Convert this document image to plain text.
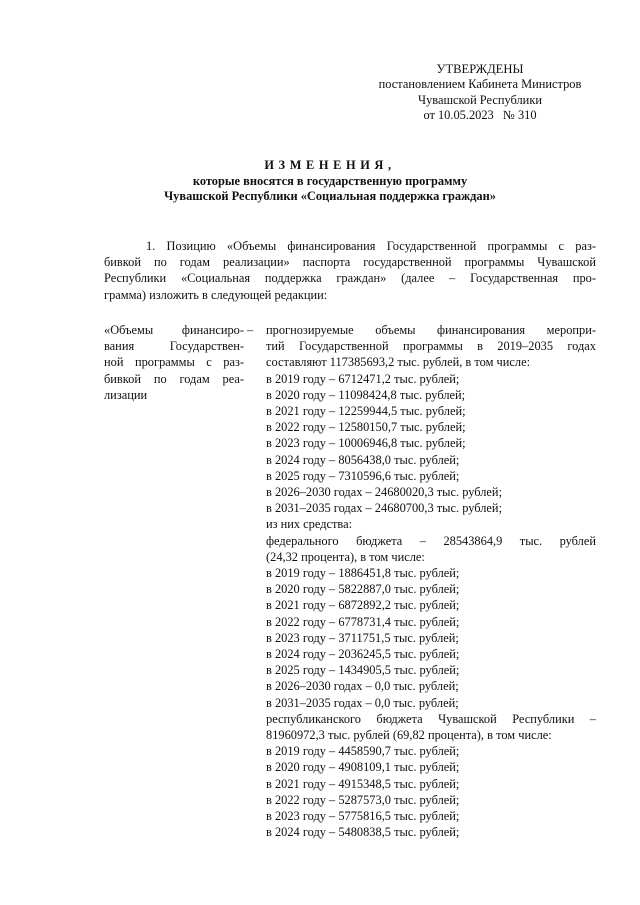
УТВЕРЖДЕНЫ
постановлением Кабинета Министров
Чувашской Республики
от 10.05.2023   № 310
ИЗМЕНЕНИЯ,
которые вносятся в государственную программу
Чувашской Республики «Социальная поддержка граждан»
1. Позицию «Объемы финансирования Государственной программы с раз-
бивкой по годам реализации» паспорта государственной программы Чувашской
Республики «Социальная поддержка граждан» (далее – Государственная про-
грамма) изложить в следующей редакции:
«Объемы финансиро-
вания Государствен-
ной программы с раз-
бивкой по годам реа-
лизации
– прогнозируемые объемы финансирования меропри-
тий Государственной программы в 2019–2035 годах
составляют 117385693,2 тыс. рублей, в том числе:
в 2019 году – 6712471,2 тыс. рублей;
в 2020 году – 11098424,8 тыс. рублей;
в 2021 году – 12259944,5 тыс. рублей;
в 2022 году – 12580150,7 тыс. рублей;
в 2023 году – 10006946,8 тыс. рублей;
в 2024 году – 8056438,0 тыс. рублей;
в 2025 году – 7310596,6 тыс. рублей;
в 2026–2030 годах – 24680020,3 тыс. рублей;
в 2031–2035 годах – 24680700,3 тыс. рублей;
из них средства:
федерального бюджета – 28543864,9 тыс. рублей
(24,32 процента), в том числе:
в 2019 году – 1886451,8 тыс. рублей;
в 2020 году – 5822887,0 тыс. рублей;
в 2021 году – 6872892,2 тыс. рублей;
в 2022 году – 6778731,4 тыс. рублей;
в 2023 году – 3711751,5 тыс. рублей;
в 2024 году – 2036245,5 тыс. рублей;
в 2025 году – 1434905,5 тыс. рублей;
в 2026–2030 годах – 0,0 тыс. рублей;
в 2031–2035 годах – 0,0 тыс. рублей;
республиканского бюджета Чувашской Республики –
81960972,3 тыс. рублей (69,82 процента), в том числе:
в 2019 году – 4458590,7 тыс. рублей;
в 2020 году – 4908109,1 тыс. рублей;
в 2021 году – 4915348,5 тыс. рублей;
в 2022 году – 5287573,0 тыс. рублей;
в 2023 году – 5775816,5 тыс. рублей;
в 2024 году – 5480838,5 тыс. рублей;
